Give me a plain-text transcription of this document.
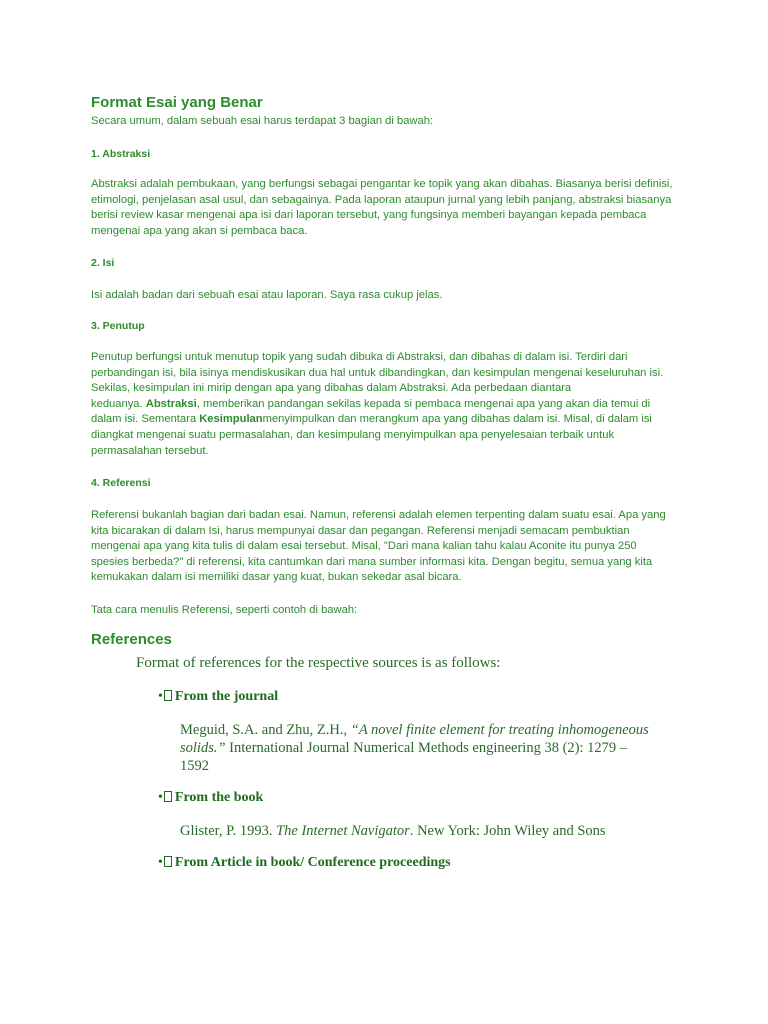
Format Esai yang Benar
Secara umum, dalam sebuah esai harus terdapat 3 bagian di bawah:
1. Abstraksi
Abstraksi adalah pembukaan, yang berfungsi sebagai pengantar ke topik yang akan dibahas. Biasanya berisi definisi,
etimologi, penjelasan asal usul, dan sebagainya. Pada laporan ataupun jurnal yang lebih panjang, abstraksi biasanya
berisi review kasar mengenai apa isi dari laporan tersebut, yang fungsinya memberi bayangan kepada pembaca
mengenai apa yang akan si pembaca baca.
2. Isi
Isi adalah badan dari sebuah esai atau laporan. Saya rasa cukup jelas.
3. Penutup
Penutup berfungsi untuk menutup topik yang sudah dibuka di Abstraksi, dan dibahas di dalam isi. Terdiri dari
perbandingan isi, bila isinya mendiskusikan dua hal untuk dibandingkan, dan kesimpulan mengenai keseluruhan isi.
Sekilas, kesimpulan ini mirip dengan apa yang dibahas dalam Abstraksi. Ada perbedaan diantara
keduanya. Abstraksi, memberikan pandangan sekilas kepada si pembaca mengenai apa yang akan dia temui di
dalam isi. Sementara Kesimpulanmenyimpulkan dan merangkum apa yang dibahas dalam isi. Misal, di dalam isi
diangkat mengenai suatu permasalahan, dan kesimpulang menyimpulkan apa penyelesaian terbaik untuk
permasalahan tersebut.
4. Referensi
Referensi bukanlah bagian dari badan esai. Namun, referensi adalah elemen terpenting dalam suatu esai. Apa yang
kita bicarakan di dalam Isi, harus mempunyai dasar dan pegangan. Referensi menjadi semacam pembuktian
mengenai apa yang kita tulis di dalam esai tersebut. Misal, "Dari mana kalian tahu kalau Aconite itu punya 250
spesies berbeda?" di referensi, kita cantumkan dari mana sumber informasi kita. Dengan begitu, semua yang kita
kemukakan dalam isi memiliki dasar yang kuat, bukan sekedar asal bicara.
Tata cara menulis Referensi, seperti contoh di bawah:
References
Format of references for the respective sources is as follows:
• From the journal
Meguid, S.A. and Zhu, Z.H., “A novel finite element for treating inhomogeneous
solids.” International Journal Numerical Methods engineering 38 (2): 1279 –
1592
• From the book
Glister, P. 1993. The Internet Navigator. New York: John Wiley and Sons
• From Article in book/ Conference proceedings
